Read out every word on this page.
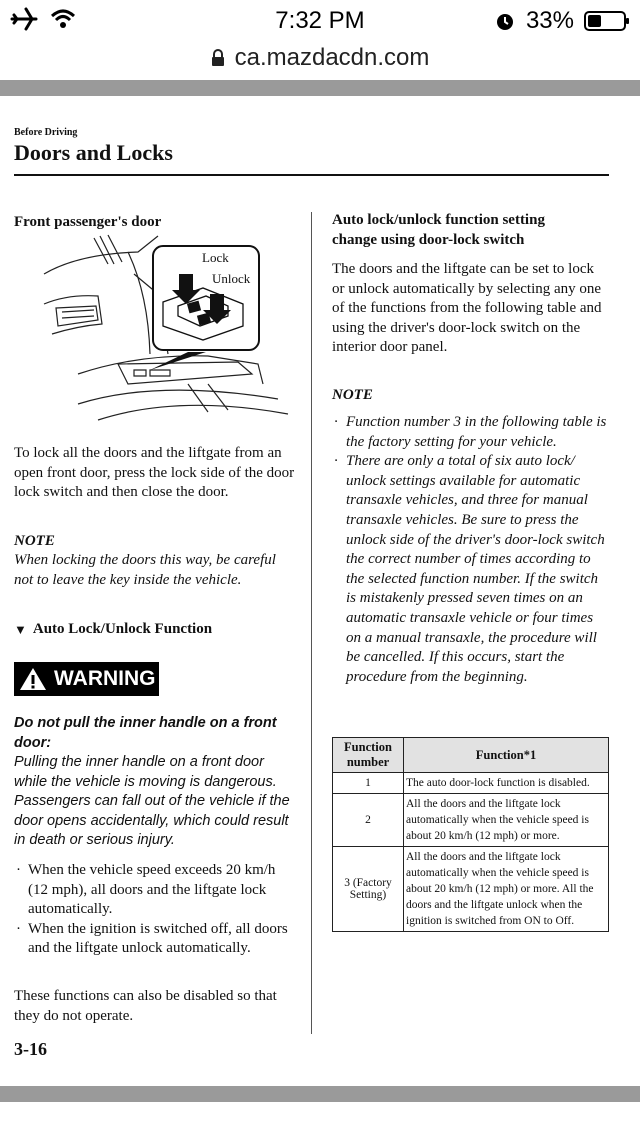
7:32 PM	33%
ca.mazdacdn.com
Before Driving
Doors and Locks
Front passenger's door
Lock
Unlock
To lock all the doors and the liftgate from an open front door, press the lock side of the door lock switch and then close the door.
NOTE
When locking the doors this way, be careful not to leave the key inside the vehicle.
▼ Auto Lock/Unlock Function
WARNING
Do not pull the inner handle on a front door:
Pulling the inner handle on a front door while the vehicle is moving is dangerous. Passengers can fall out of the vehicle if the door opens accidentally, which could result in death or serious injury.
· When the vehicle speed exceeds 20 km/h (12 mph), all doors and the liftgate lock automatically.
· When the ignition is switched off, all doors and the liftgate unlock automatically.
These functions can also be disabled so that they do not operate.
3-16
Auto lock/unlock function setting change using door-lock switch
The doors and the liftgate can be set to lock or unlock automatically by selecting any one of the functions from the following table and using the driver's door-lock switch on the interior door panel.
NOTE
· Function number 3 in the following table is the factory setting for your vehicle.
· There are only a total of six auto lock/ unlock settings available for automatic transaxle vehicles, and three for manual transaxle vehicles. Be sure to press the unlock side of the driver's door-lock switch the correct number of times according to the selected function number. If the switch is mistakenly pressed seven times on an automatic transaxle vehicle or four times on a manual transaxle, the procedure will be cancelled. If this occurs, start the procedure from the beginning.
Function number	Function*1
1	The auto door-lock function is disabled.
2	All the doors and the liftgate lock automatically when the vehicle speed is about 20 km/h (12 mph) or more.
3 (Factory Setting)	All the doors and the liftgate lock automatically when the vehicle speed is about 20 km/h (12 mph) or more. All the doors and the liftgate unlock when the ignition is switched from ON to Off.
